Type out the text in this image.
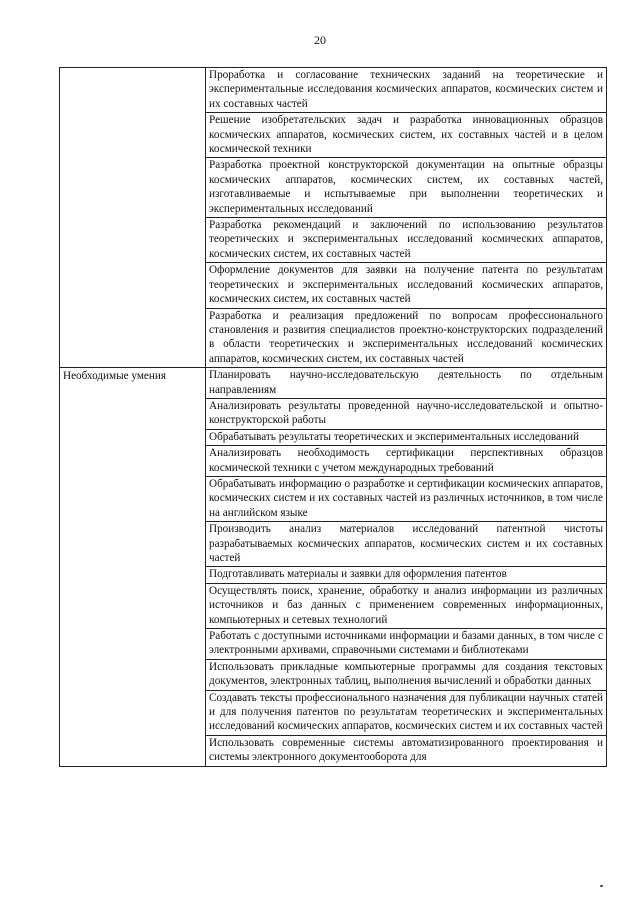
20
	Проработка и согласование технических заданий на теоретические и экспериментальные исследования космических аппаратов, космических систем и их составных частей
	Решение изобретательских задач и разработка инновационных образцов космических аппаратов, космических систем, их составных частей и в целом космической техники
	Разработка проектной конструкторской документации на опытные образцы космических аппаратов, космических систем, их составных частей, изготавливаемые и испытываемые при выполнении теоретических и экспериментальных исследований
	Разработка рекомендаций и заключений по использованию результатов теоретических и экспериментальных исследований космических аппаратов, космических систем, их составных частей
	Оформление документов для заявки на получение патента по результатам теоретических и экспериментальных исследований космических аппаратов, космических систем, их составных частей
	Разработка и реализация предложений по вопросам профессионального становления и развития специалистов проектно-конструкторских подразделений в области теоретических и экспериментальных исследований космических аппаратов, космических систем, их составных частей
Необходимые умения	Планировать научно-исследовательскую деятельность по отдельным направлениям
	Анализировать результаты проведенной научно-исследовательской и опытно-конструкторской работы
	Обрабатывать результаты теоретических и экспериментальных исследований
	Анализировать необходимость сертификации перспективных образцов космической техники с учетом международных требований
	Обрабатывать информацию о разработке и сертификации космических аппаратов, космических систем и их составных частей из различных источников, в том числе на английском языке
	Производить анализ материалов исследований патентной чистоты разрабатываемых космических аппаратов, космических систем и их составных частей
	Подготавливать материалы и заявки для оформления патентов
	Осуществлять поиск, хранение, обработку и анализ информации из различных источников и баз данных с применением современных информационных, компьютерных и сетевых технологий
	Работать с доступными источниками информации и базами данных, в том числе с электронными архивами, справочными системами и библиотеками
	Использовать прикладные компьютерные программы для создания текстовых документов, электронных таблиц, выполнения вычислений и обработки данных
	Создавать тексты профессионального назначения для публикации научных статей и для получения патентов по результатам теоретических и экспериментальных исследований космических аппаратов, космических систем и их составных частей
	Использовать современные системы автоматизированного проектирования и системы электронного документооборота для
